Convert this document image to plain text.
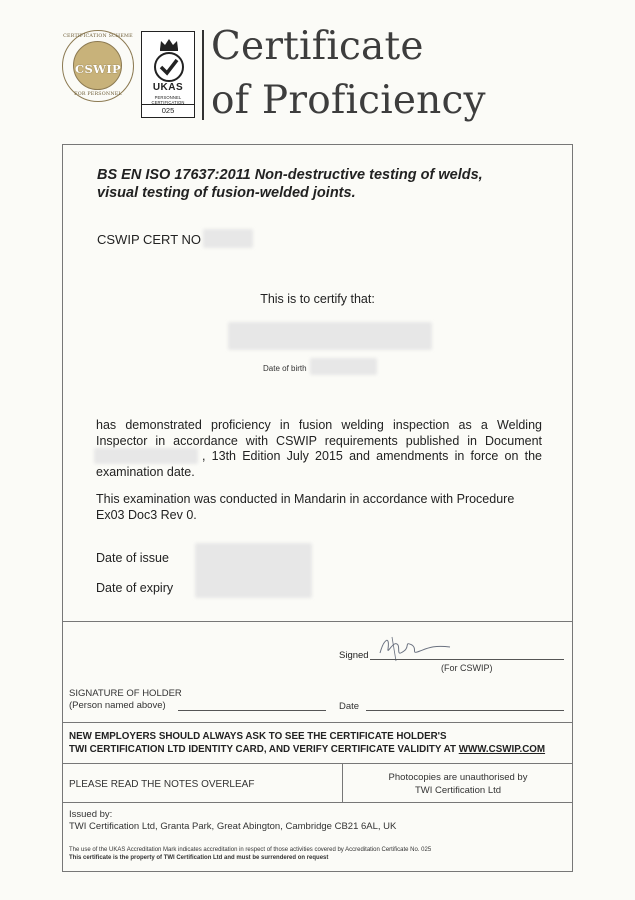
CERTIFICATION SCHEME
CSWIP
FOR PERSONNEL
UKAS
PERSONNEL
CERTIFICATION
025
Certificate
of Proficiency
BS EN ISO 17637:2011 Non-destructive testing of welds,
visual testing of fusion-welded joints.
CSWIP CERT NO
This is to certify that:
Date of birth
has demonstrated proficiency in fusion welding inspection as a Welding
Inspector in accordance with CSWIP requirements published in Document
, 13th Edition July 2015 and amendments in force on the
examination date.
This examination was conducted in Mandarin in accordance with Procedure
Ex03 Doc3 Rev 0.
Date of issue
Date of expiry
Signed
(For CSWIP)
SIGNATURE OF HOLDER
(Person named above)	Date
NEW EMPLOYERS SHOULD ALWAYS ASK TO SEE THE CERTIFICATE HOLDER'S
TWI CERTIFICATION LTD IDENTITY CARD, AND VERIFY CERTIFICATE VALIDITY AT WWW.CSWIP.COM
PLEASE READ THE NOTES OVERLEAF
Photocopies are unauthorised by
TWI Certification Ltd
Issued by:
TWI Certification Ltd, Granta Park, Great Abington, Cambridge CB21 6AL, UK
The use of the UKAS Accreditation Mark indicates accreditation in respect of those activities covered by Accreditation Certificate No. 025
This certificate is the property of TWI Certification Ltd and must be surrendered on request
